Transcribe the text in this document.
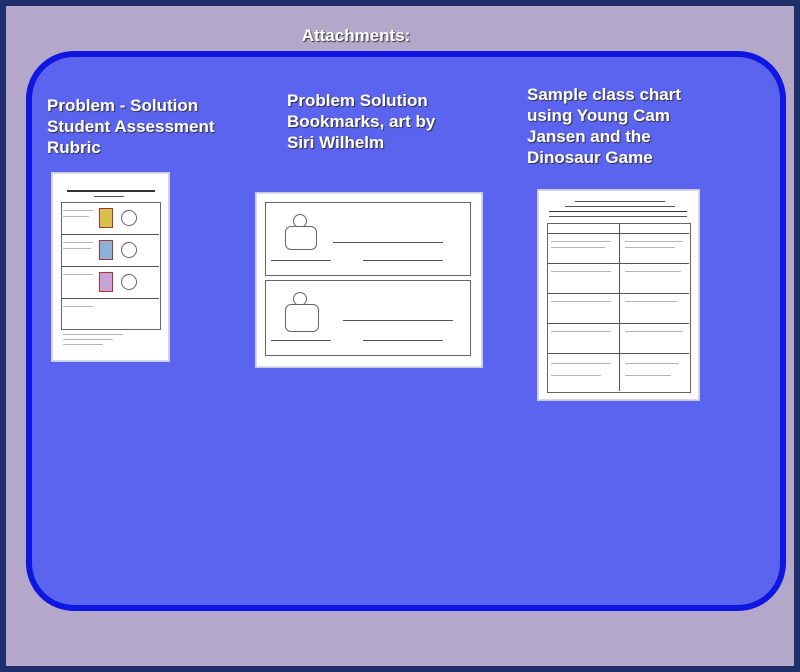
Attachments:
Problem - Solution Student Assessment Rubric
Problem Solution Bookmarks, art by Siri Wilhelm
Sample class chart using Young Cam Jansen and the Dinosaur Game
